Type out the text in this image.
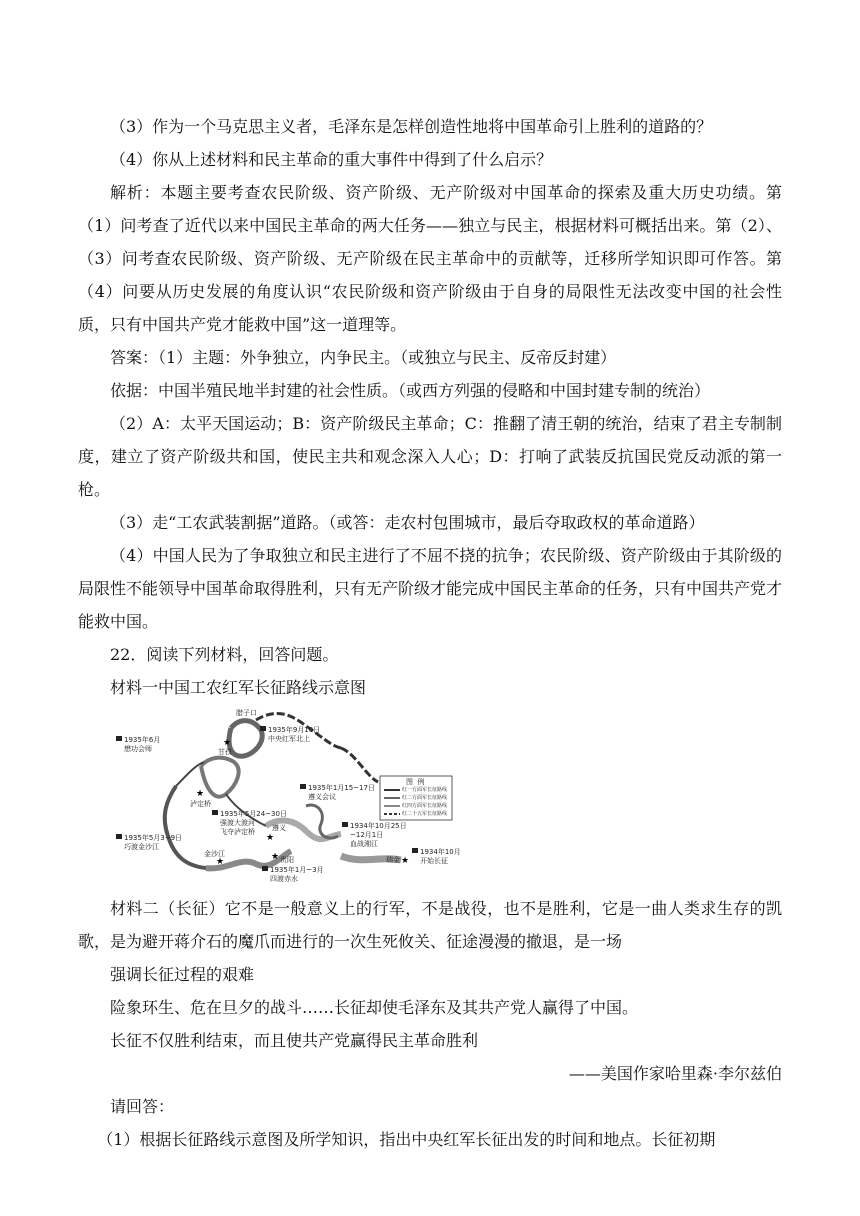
（3）作为一个马克思主义者，毛泽东是怎样创造性地将中国革命引上胜利的道路的？

（4）你从上述材料和民主革命的重大事件中得到了什么启示？

解析：本题主要考查农民阶级、资产阶级、无产阶级对中国革命的探索及重大历史功绩。第（1）问考查了近代以来中国民主革命的两大任务——独立与民主，根据材料可概括出来。第（2）、（3）问考查农民阶级、资产阶级、无产阶级在民主革命中的贡献等，迁移所学知识即可作答。第（4）问要从历史发展的角度认识“农民阶级和资产阶级由于自身的局限性无法改变中国的社会性质，只有中国共产党才能救中国”这一道理等。

答案：（1）主题：外争独立，内争民主。（或独立与民主、反帝反封建）

依据：中国半殖民地半封建的社会性质。（或西方列强的侵略和中国封建专制的统治）

（2）A：太平天国运动；B：资产阶级民主革命；C：推翻了清王朝的统治，结束了君主专制制度，建立了资产阶级共和国，使民主共和观念深入人心；D：打响了武装反抗国民党反动派的第一枪。

（3）走“工农武装割据”道路。（或答：走农村包围城市，最后夺取政权的革命道路）

（4）中国人民为了争取独立和民主进行了不屈不挠的抗争；农民阶级、资产阶级由于其阶级的局限性不能领导中国革命取得胜利，只有无产阶级才能完成中国民主革命的任务，只有中国共产党才能救中国。

22．阅读下列材料，回答问题。

材料一中国工农红军长征路线示意图

★
★
★
★
★	★
腊子口
甘孜
泸定桥
金沙江
遵义
贵阳	瑞金
1935年6月
懋功会师
1935年9月10日
中央红军北上
1935年5月24~30日
强渡大渡河
飞夺泸定桥
1935年1月15~17日
遵义会议
1934年10月25日
~12月1日
血战湘江
1935年5月3~9日
巧渡金沙江
1935年1月~3月
四渡赤水
1934年10月
开始长征
图  例
红一方面军长征路线
红二方面军长征路线
红四方面军长征路线
红二十五军长征路线

材料二（长征）它不是一般意义上的行军，不是战役，也不是胜利，它是一曲人类求生存的凯歌，是为避开蒋介石的魔爪而进行的一次生死攸关、征途漫漫的撤退，是一场

强调长征过程的艰难

险象环生、危在旦夕的战斗……长征却使毛泽东及其共产党人赢得了中国。

长征不仅胜利结束，而且使共产党赢得民主革命胜利

——美国作家哈里森·李尔兹伯

请回答：

（1）根据长征路线示意图及所学知识，指出中央红军长征出发的时间和地点。长征初期
